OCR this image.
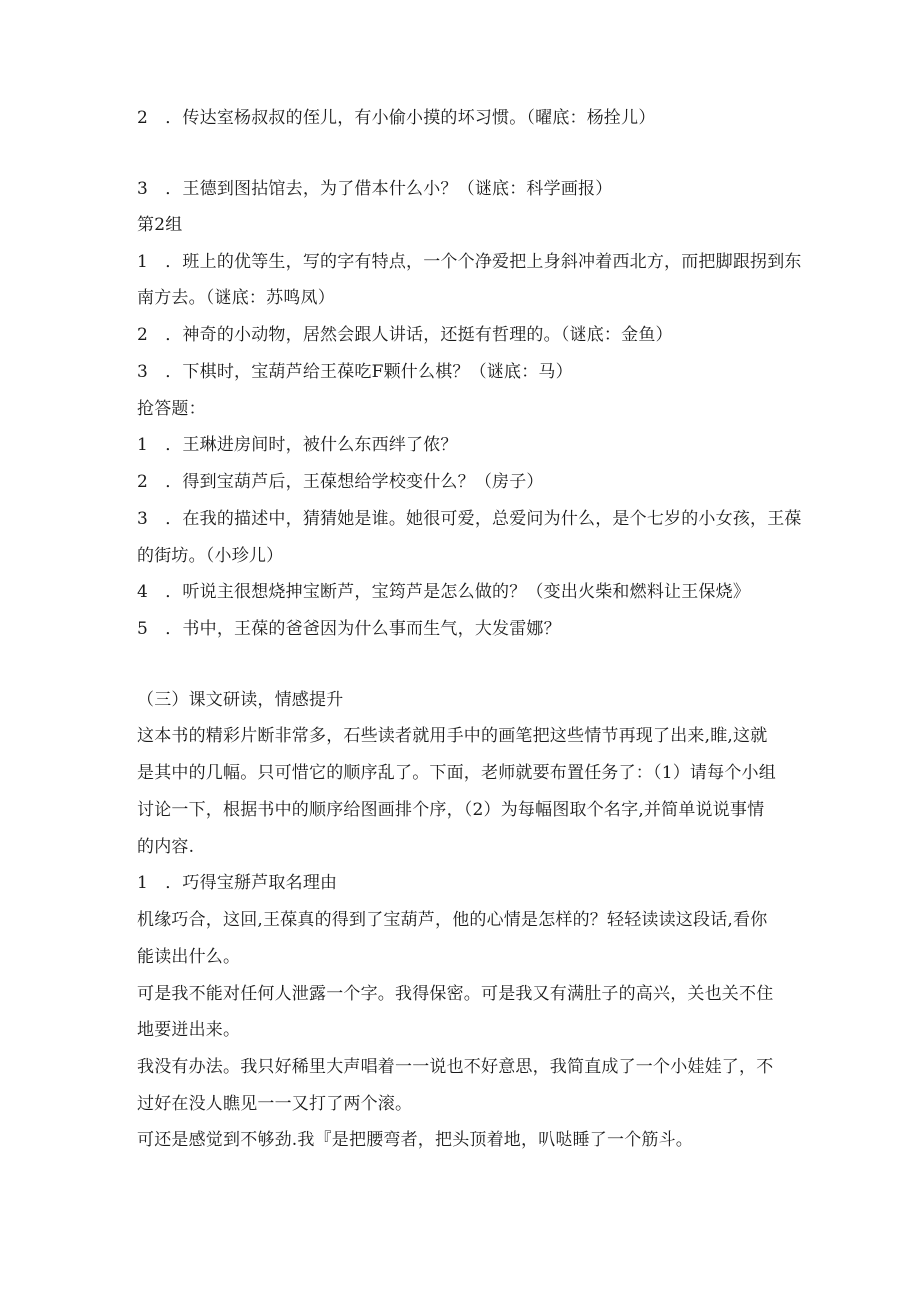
2　．传达室杨叔叔的侄儿，有小偷小摸的坏习惯。（曜底：杨拴儿）
3　．王德到图拈馆去，为了借本什么小？（谜底：科学画报）
第2组
1　．班上的优等生，写的字有特点，一个个净爱把上身斜冲着西北方，而把脚跟拐到东
南方去。（谜底：苏鸣凤）
2　．神奇的小动物，居然会跟人讲话，还挺有哲理的。（谜底：金鱼）
3　．下棋时，宝葫芦给王葆吃F颗什么棋？（谜底：马）
抢答题：
1　．王琳进房间时，被什么东西绊了侬？
2　．得到宝葫芦后，王葆想给学校变什么？（房子）
3　．在我的描述中，猜猜她是谁。她很可爱，总爱问为什么，是个七岁的小女孩，王葆
的街坊。（小珍儿）
4　．听说主很想烧抻宝断芦，宝筠芦是怎么做的？（变出火柴和燃料让王保烧》
5　．书中，王葆的爸爸因为什么事而生气，大发雷娜？
（三）课文研读，情感提升
这本书的精彩片断非常多，石些读者就用手中的画笔把这些情节再现了出来,睢,这就
是其中的几幅。只可惜它的顺序乱了。下面，老师就要布置任务了：（1）请每个小组
讨论一下，根据书中的顺序给图画排个序，（2）为每幅图取个名字,并简单说说事情
的内容.
1　．巧得宝掰芦取名理由
机缘巧合，这回,王葆真的得到了宝葫芦，他的心情是怎样的？轻轻读读这段话,看你
能读出什么。
可是我不能对任何人泄露一个字。我得保密。可是我又有满肚子的高兴，关也关不住
地要迸出来。
我没有办法。我只好稀里大声唱着一一说也不好意思，我简直成了一个小娃娃了，不
过好在没人瞧见一一又打了两个滚。
可还是感觉到不够劲.我『是把腰弯者，把头顶着地，叭哒睡了一个筋斗。
